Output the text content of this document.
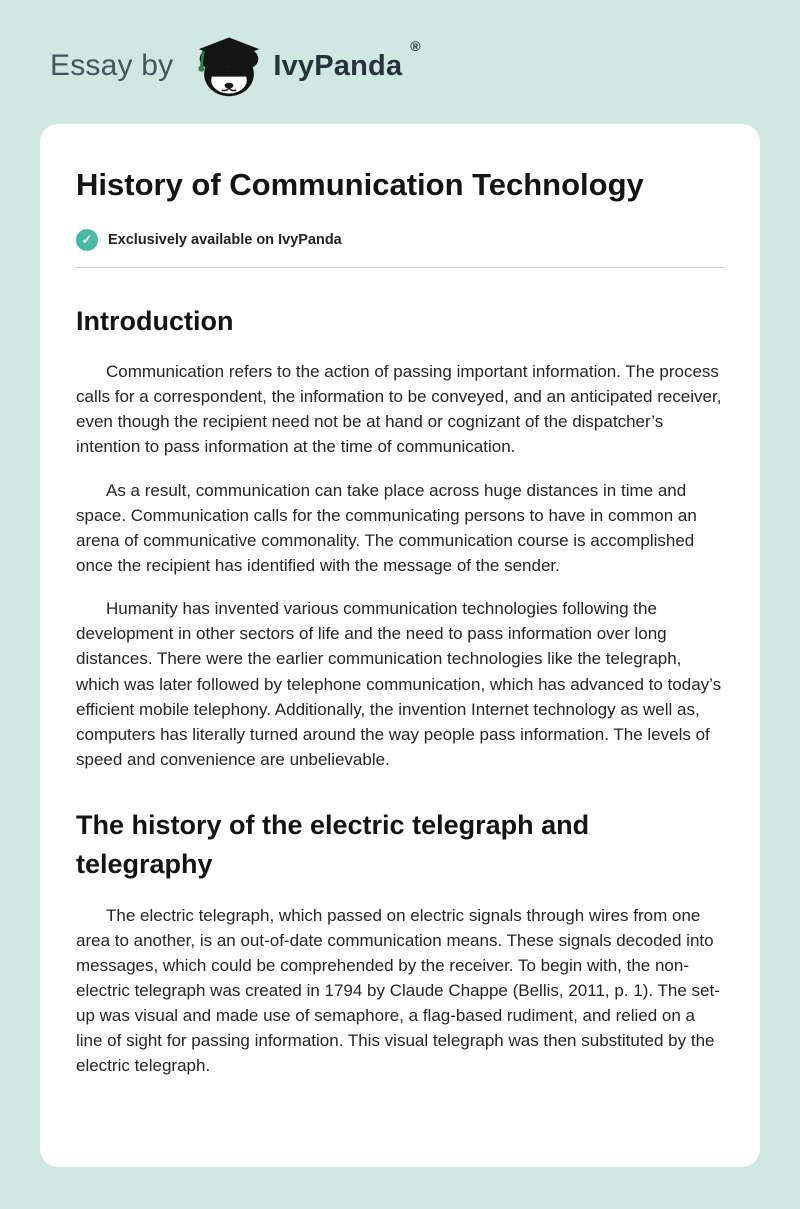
Essay by	IvyPanda
®
History of Communication Technology
✓	Exclusively available on IvyPanda
Introduction

Communication refers to the action of passing important information. The process calls for a correspondent, the information to be conveyed, and an anticipated receiver, even though the recipient need not be at hand or cognizant of the dispatcher’s intention to pass information at the time of communication.

As a result, communication can take place across huge distances in time and space. Communication calls for the communicating persons to have in common an arena of communicative commonality. The communication course is accomplished once the recipient has identified with the message of the sender.

Humanity has invented various communication technologies following the development in other sectors of life and the need to pass information over long distances. There were the earlier communication technologies like the telegraph, which was later followed by telephone communication, which has advanced to today’s efficient mobile telephony. Additionally, the invention Internet technology as well as, computers has literally turned around the way people pass information. The levels of speed and convenience are unbelievable.

The history of the electric telegraph and telegraphy

The electric telegraph, which passed on electric signals through wires from one area to another, is an out-of-date communication means. These signals decoded into messages, which could be comprehended by the receiver. To begin with, the non-electric telegraph was created in 1794 by Claude Chappe (Bellis, 2011, p. 1). The set-up was visual and made use of semaphore, a flag-based rudiment, and relied on a line of sight for passing information. This visual telegraph was then substituted by the electric telegraph.
